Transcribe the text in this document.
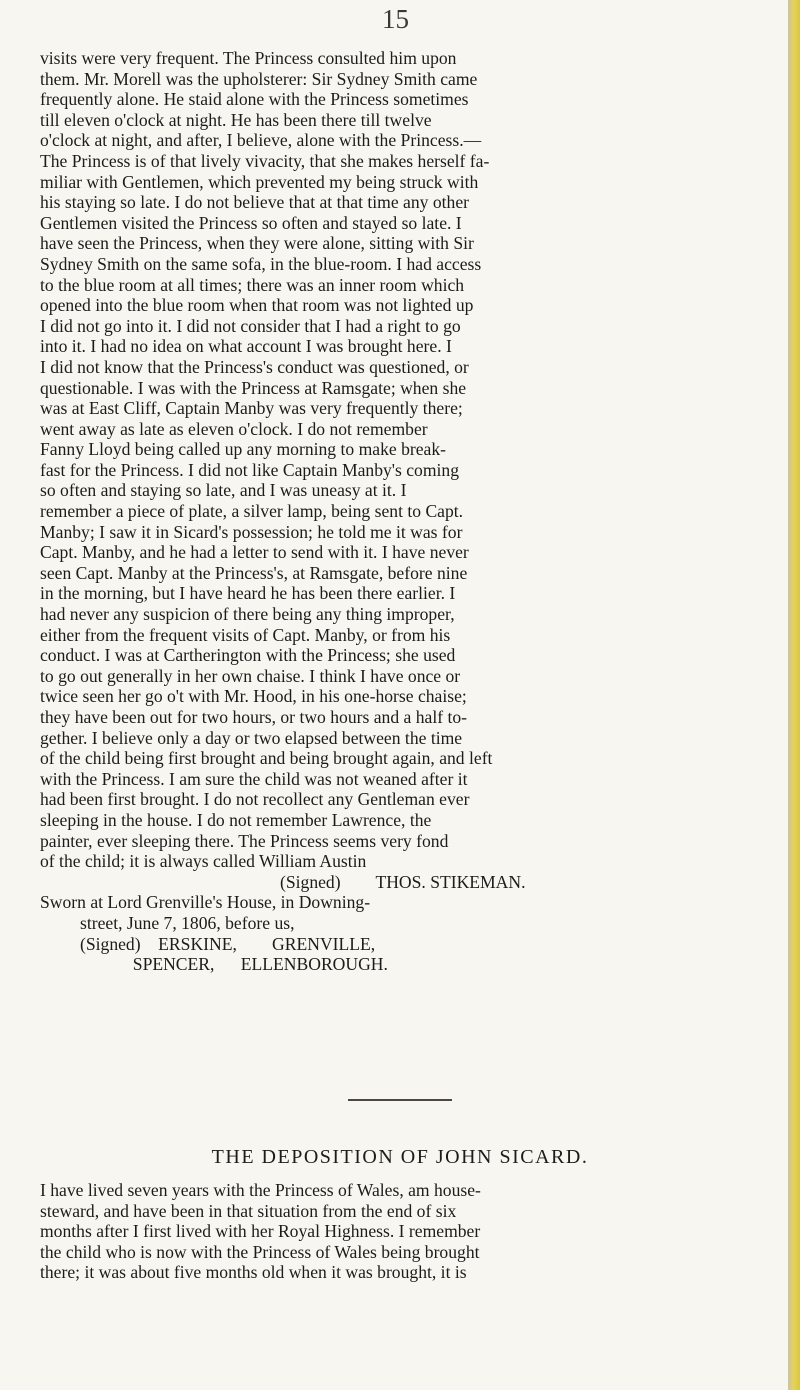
15

visits were very frequent. The Princess consulted him upon

them. Mr. Morell was the upholsterer: Sir Sydney Smith came

frequently alone. He staid alone with the Princess sometimes

till eleven o'clock at night. He has been there till twelve

o'clock at night, and after, I believe, alone with the Princess.—

The Princess is of that lively vivacity, that she makes herself fa-

miliar with Gentlemen, which prevented my being struck with

his staying so late. I do not believe that at that time any other

Gentlemen visited the Princess so often and stayed so late. I

have seen the Princess, when they were alone, sitting with Sir

Sydney Smith on the same sofa, in the blue-room. I had access

to the blue room at all times; there was an inner room which

opened into the blue room when that room was not lighted up

I did not go into it. I did not consider that I had a right to go

into it. I had no idea on what account I was brought here. I

I did not know that the Princess's conduct was questioned, or

questionable. I was with the Princess at Ramsgate; when she

was at East Cliff, Captain Manby was very frequently there;

went away as late as eleven o'clock. I do not remember

Fanny Lloyd being called up any morning to make break-

fast for the Princess. I did not like Captain Manby's coming

so often and staying so late, and I was uneasy at it. I

remember a piece of plate, a silver lamp, being sent to Capt.

Manby; I saw it in Sicard's possession; he told me it was for

Capt. Manby, and he had a letter to send with it. I have never

seen Capt. Manby at the Princess's, at Ramsgate, before nine

in the morning, but I have heard he has been there earlier. I

had never any suspicion of there being any thing improper,

either from the frequent visits of Capt. Manby, or from his

conduct. I was at Cartherington with the Princess; she used

to go out generally in her own chaise. I think I have once or

twice seen her go o't with Mr. Hood, in his one-horse chaise;

they have been out for two hours, or two hours and a half to-

gether. I believe only a day or two elapsed between the time

of the child being first brought and being brought again, and left

with the Princess. I am sure the child was not weaned after it

had been first brought. I do not recollect any Gentleman ever

sleeping in the house. I do not remember Lawrence, the

painter, ever sleeping there. The Princess seems very fond

of the child; it is always called William Austin

(Signed)        THOS. STIKEMAN.

Sworn at Lord Grenville's House, in Downing-

street, June 7, 1806, before us,

(Signed)    ERSKINE,        GRENVILLE,

SPENCER,      ELLENBOROUGH.

THE DEPOSITION OF JOHN SICARD.

I have lived seven years with the Princess of Wales, am house-

steward, and have been in that situation from the end of six

months after I first lived with her Royal Highness. I remember

the child who is now with the Princess of Wales being brought

there; it was about five months old when it was brought, it is
